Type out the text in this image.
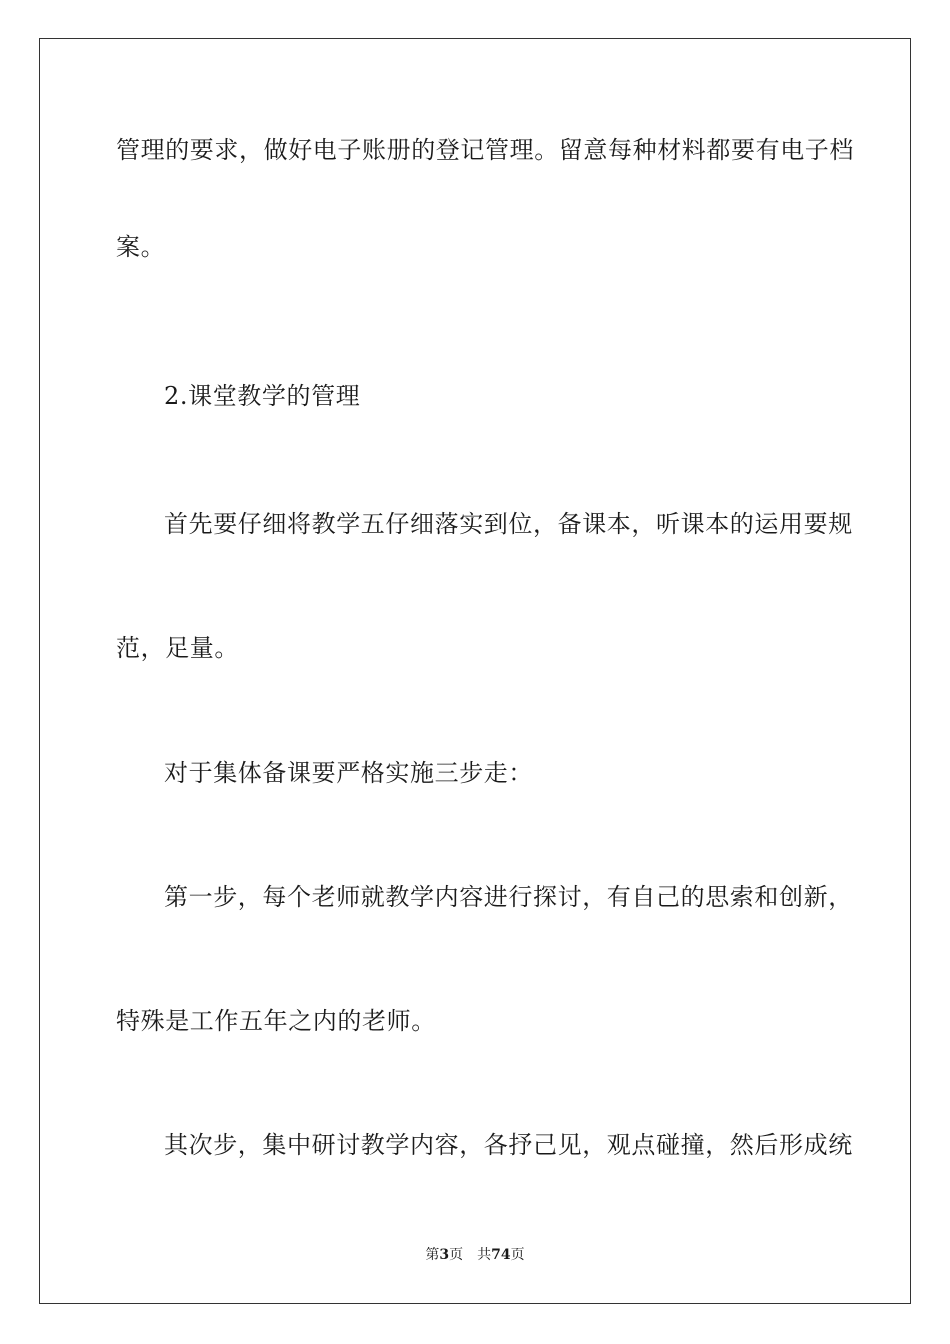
管理的要求，做好电子账册的登记管理。留意每种材料都要有电子档
案。
2.课堂教学的管理
首先要仔细将教学五仔细落实到位，备课本，听课本的运用要规
范，足量。
对于集体备课要严格实施三步走：
第一步，每个老师就教学内容进行探讨，有自己的思索和创新，
特殊是工作五年之内的老师。
其次步，集中研讨教学内容，各抒己见，观点碰撞，然后形成统
第3页 共74页
